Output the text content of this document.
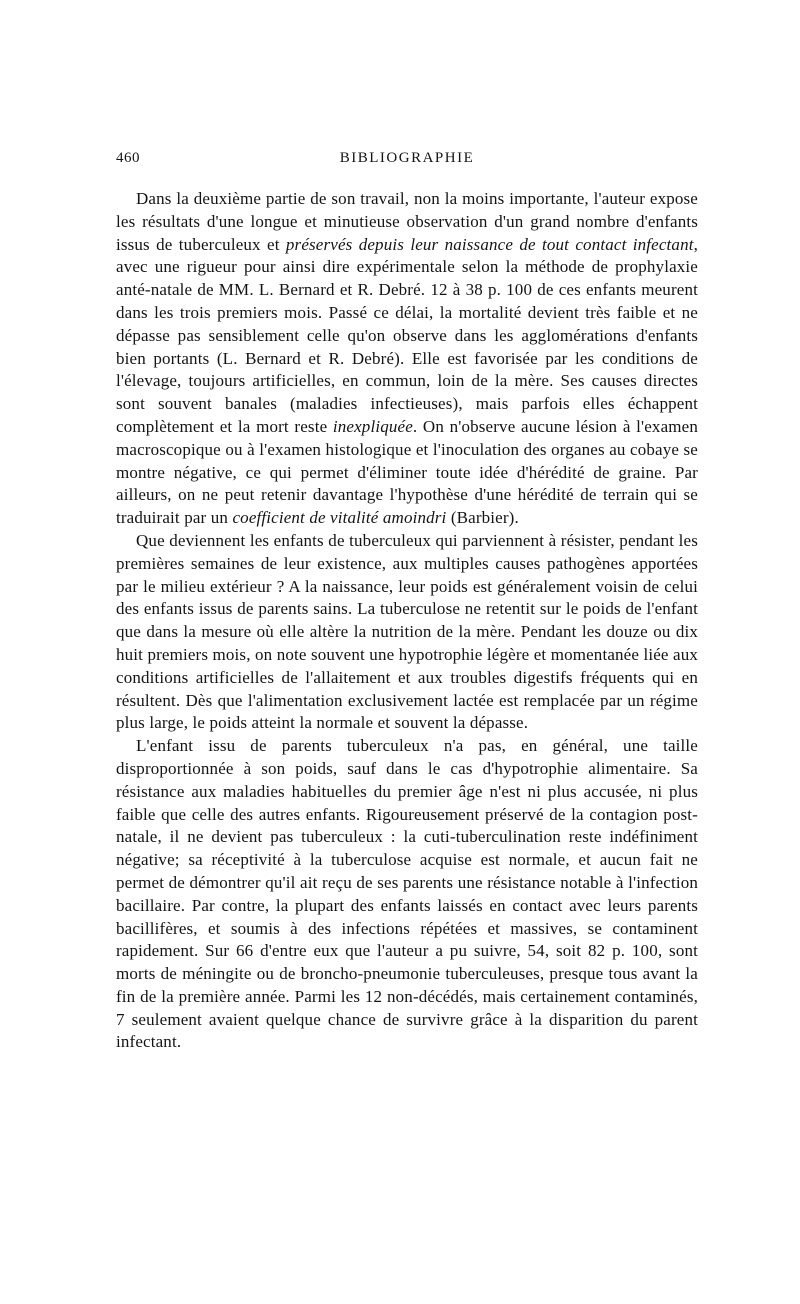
460	BIBLIOGRAPHIE

Dans la deuxième partie de son travail, non la moins importante, l'auteur expose les résultats d'une longue et minutieuse observation d'un grand nombre d'enfants issus de tuberculeux et préservés depuis leur naissance de tout contact infectant, avec une rigueur pour ainsi dire expérimentale selon la méthode de prophylaxie anté-natale de MM. L. Bernard et R. Debré. 12 à 38 p. 100 de ces enfants meurent dans les trois premiers mois. Passé ce délai, la mortalité devient très faible et ne dépasse pas sensiblement celle qu'on observe dans les agglomérations d'enfants bien portants (L. Bernard et R. Debré). Elle est favorisée par les conditions de l'élevage, toujours artificielles, en commun, loin de la mère. Ses causes directes sont souvent banales (maladies infectieuses), mais parfois elles échappent complètement et la mort reste inexpliquée. On n'observe aucune lésion à l'examen macroscopique ou à l'examen histologique et l'inoculation des organes au cobaye se montre négative, ce qui permet d'éliminer toute idée d'hérédité de graine. Par ailleurs, on ne peut retenir davantage l'hypothèse d'une hérédité de terrain qui se traduirait par un coefficient de vitalité amoindri (Barbier).

Que deviennent les enfants de tuberculeux qui parviennent à résister, pendant les premières semaines de leur existence, aux multiples causes pathogènes apportées par le milieu extérieur ? A la naissance, leur poids est généralement voisin de celui des enfants issus de parents sains. La tuberculose ne retentit sur le poids de l'enfant que dans la mesure où elle altère la nutrition de la mère. Pendant les douze ou dix huit premiers mois, on note souvent une hypotrophie légère et momentanée liée aux conditions artificielles de l'allaitement et aux troubles digestifs fréquents qui en résultent. Dès que l'alimentation exclusivement lactée est remplacée par un régime plus large, le poids atteint la normale et souvent la dépasse.

L'enfant issu de parents tuberculeux n'a pas, en général, une taille disproportionnée à son poids, sauf dans le cas d'hypotrophie alimentaire. Sa résistance aux maladies habituelles du premier âge n'est ni plus accusée, ni plus faible que celle des autres enfants. Rigoureusement préservé de la contagion post-natale, il ne devient pas tuberculeux : la cuti-tuberculination reste indéfiniment négative; sa réceptivité à la tuberculose acquise est normale, et aucun fait ne permet de démontrer qu'il ait reçu de ses parents une résistance notable à l'infection bacillaire. Par contre, la plupart des enfants laissés en contact avec leurs parents bacillifères, et soumis à des infections répétées et massives, se contaminent rapidement. Sur 66 d'entre eux que l'auteur a pu suivre, 54, soit 82 p. 100, sont morts de méningite ou de broncho-pneumonie tuberculeuses, presque tous avant la fin de la première année. Parmi les 12 non-décédés, mais certainement contaminés, 7 seulement avaient quelque chance de survivre grâce à la disparition du parent infectant.
